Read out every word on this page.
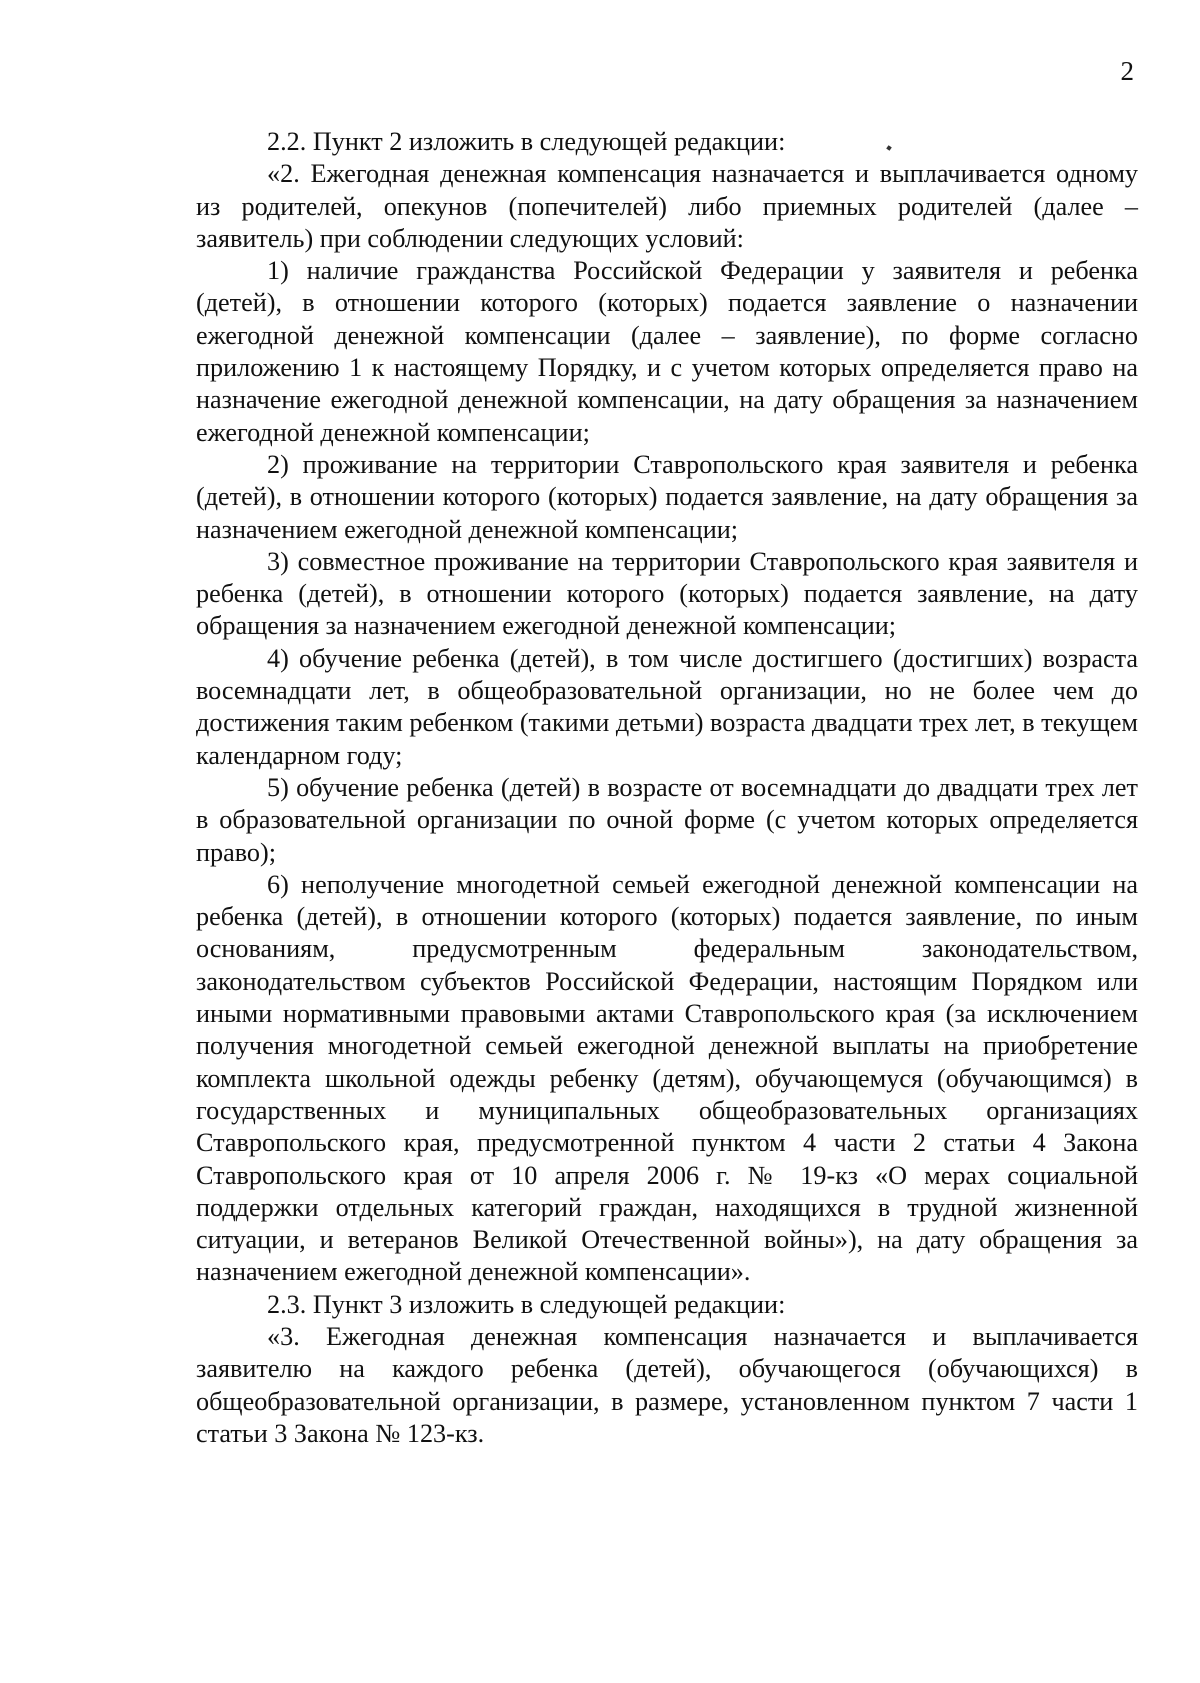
2

2.2. Пункт 2 изложить в следующей редакции:

«2. Ежегодная денежная компенсация назначается и выплачивается одному из родителей, опекунов (попечителей) либо приемных родителей (далее – заявитель) при соблюдении следующих условий:

1) наличие гражданства Российской Федерации у заявителя и ребенка (детей), в отношении которого (которых) подается заявление о назначении ежегодной денежной компенсации (далее – заявление), по форме согласно приложению 1 к настоящему Порядку, и с учетом которых определяется право на назначение ежегодной денежной компенсации, на дату обращения за назначением ежегодной денежной компенсации;

2) проживание на территории Ставропольского края заявителя и ребенка (детей), в отношении которого (которых) подается заявление, на дату обращения за назначением ежегодной денежной компенсации;

3) совместное проживание на территории Ставропольского края заявителя и ребенка (детей), в отношении которого (которых) подается заявление, на дату обращения за назначением ежегодной денежной компенсации;

4) обучение ребенка (детей), в том числе достигшего (достигших) возраста восемнадцати лет, в общеобразовательной организации, но не более чем до достижения таким ребенком (такими детьми) возраста двадцати трех лет, в текущем календарном году;

5) обучение ребенка (детей) в возрасте от восемнадцати до двадцати трех лет в образовательной организации по очной форме (с учетом которых определяется право);

6) неполучение многодетной семьей ежегодной денежной компенсации на ребенка (детей), в отношении которого (которых) подается заявление, по иным основаниям, предусмотренным федеральным законодательством, законодательством субъектов Российской Федерации, настоящим Порядком или иными нормативными правовыми актами Ставропольского края (за исключением получения многодетной семьей ежегодной денежной выплаты на приобретение комплекта школьной одежды ребенку (детям), обучающемуся (обучающимся) в государственных и муниципальных общеобразовательных организациях Ставропольского края, предусмотренной пунктом 4 части 2 статьи 4 Закона Ставропольского края от 10 апреля 2006 г. № 19-кз «О мерах социальной поддержки отдельных категорий граждан, находящихся в трудной жизненной ситуации, и ветеранов Великой Отечественной войны»), на дату обращения за назначением ежегодной денежной компенсации».

2.3. Пункт 3 изложить в следующей редакции:

«3. Ежегодная денежная компенсация назначается и выплачивается заявителю на каждого ребенка (детей), обучающегося (обучающихся) в общеобразовательной организации, в размере, установленном пунктом 7 части 1 статьи 3 Закона № 123-кз.
